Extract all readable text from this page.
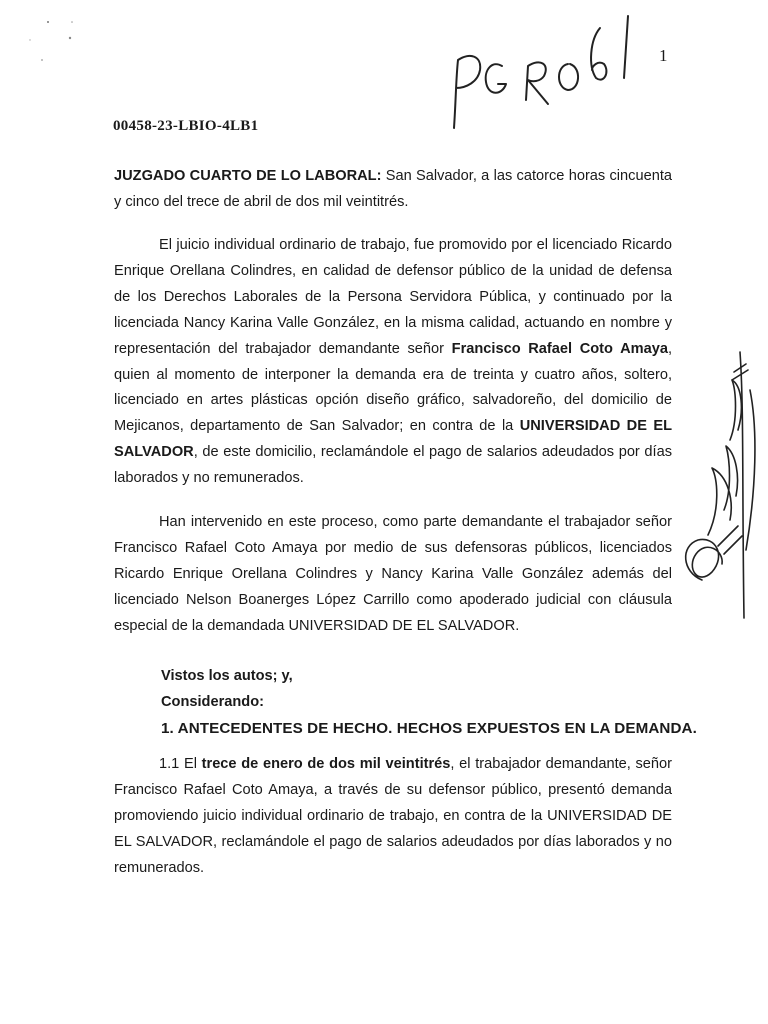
1
00458-23-LBIO-4LB1
JUZGADO CUARTO DE LO LABORAL: San Salvador, a las catorce horas cincuenta y cinco del trece de abril de dos mil veintitrés.
El juicio individual ordinario de trabajo, fue promovido por el licenciado Ricardo Enrique Orellana Colindres, en calidad de defensor público de la unidad de defensa de los Derechos Laborales de la Persona Servidora Pública, y continuado por la licenciada Nancy Karina Valle González, en la misma calidad, actuando en nombre y representación del trabajador demandante señor Francisco Rafael Coto Amaya, quien al momento de interponer la demanda era de treinta y cuatro años, soltero, licenciado en artes plásticas opción diseño gráfico, salvadoreño, del domicilio de Mejicanos, departamento de San Salvador; en contra de la UNIVERSIDAD DE EL SALVADOR, de este domicilio, reclamándole el pago de salarios adeudados por días laborados y no remunerados.
Han intervenido en este proceso, como parte demandante el trabajador señor Francisco Rafael Coto Amaya por medio de sus defensoras públicos, licenciados Ricardo Enrique Orellana Colindres y Nancy Karina Valle González además del licenciado Nelson Boanerges López Carrillo como apoderado judicial con cláusula especial de la demandada UNIVERSIDAD DE EL SALVADOR.
Vistos los autos; y,
Considerando:
1. ANTECEDENTES DE HECHO. HECHOS EXPUESTOS EN LA DEMANDA.
1.1 El trece de enero de dos mil veintitrés, el trabajador demandante, señor Francisco Rafael Coto Amaya, a través de su defensor público, presentó demanda promoviendo juicio individual ordinario de trabajo, en contra de la UNIVERSIDAD DE EL SALVADOR, reclamándole el pago de salarios adeudados por días laborados y no remunerados.
